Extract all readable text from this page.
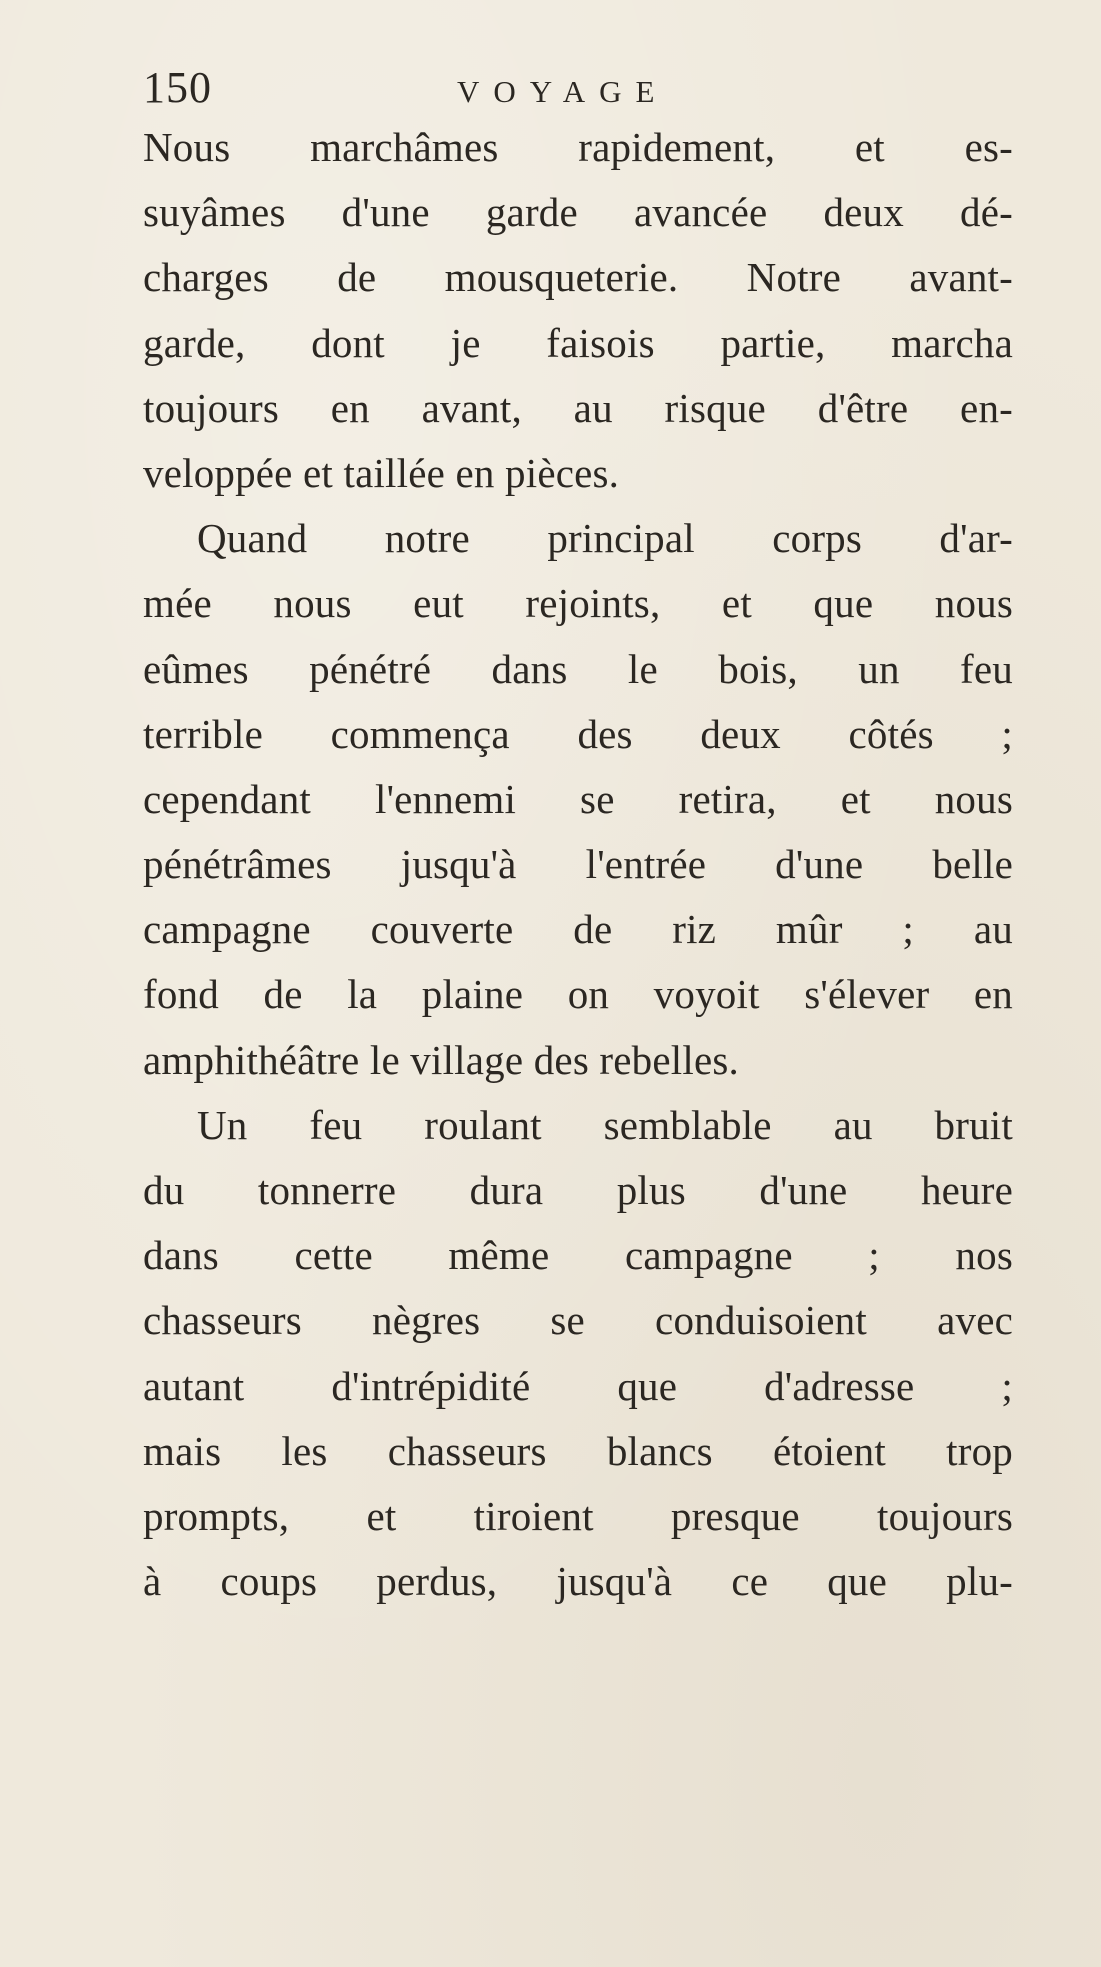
150	VOYAGE
Nous marchâmes rapidement, et es-
suyâmes d'une garde avancée deux dé-
charges de mousqueterie. Notre avant-
garde, dont je faisois partie, marcha
toujours en avant, au risque d'être en-
veloppée et taillée en pièces.
Quand notre principal corps d'ar-
mée nous eut rejoints, et que nous
eûmes pénétré dans le bois, un feu
terrible commença des deux côtés ;
cependant l'ennemi se retira, et nous
pénétrâmes jusqu'à l'entrée d'une belle
campagne couverte de riz mûr ; au
fond de la plaine on voyoit s'élever en
amphithéâtre le village des rebelles.
Un feu roulant semblable au bruit
du tonnerre dura plus d'une heure
dans cette même campagne ; nos
chasseurs nègres se conduisoient avec
autant d'intrépidité que d'adresse ;
mais les chasseurs blancs étoient trop
prompts, et tiroient presque toujours
à coups perdus, jusqu'à ce que plu-
